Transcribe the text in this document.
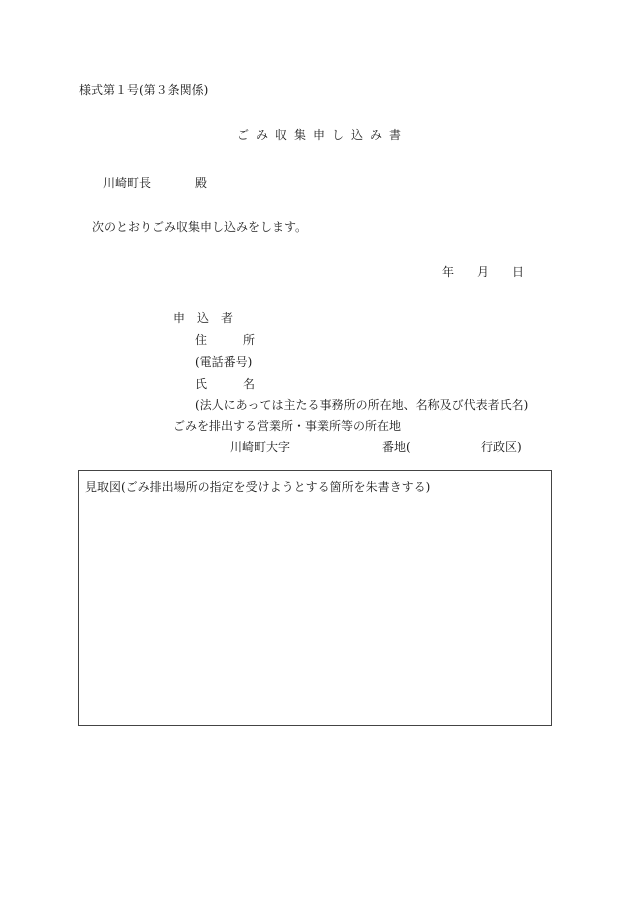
様式第１号(第３条関係)
ごみ収集申し込み書
川崎町長	殿
次のとおりごみ収集申し込みをします。
年 月 日
申　込　者
住　　　所
(電話番号)
氏　　　名
(法人にあっては主たる事務所の所在地、名称及び代表者氏名)
ごみを排出する営業所・事業所等の所在地
川崎町大字	番地(	行政区)
見取図(ごみ排出場所の指定を受けようとする箇所を朱書きする)
